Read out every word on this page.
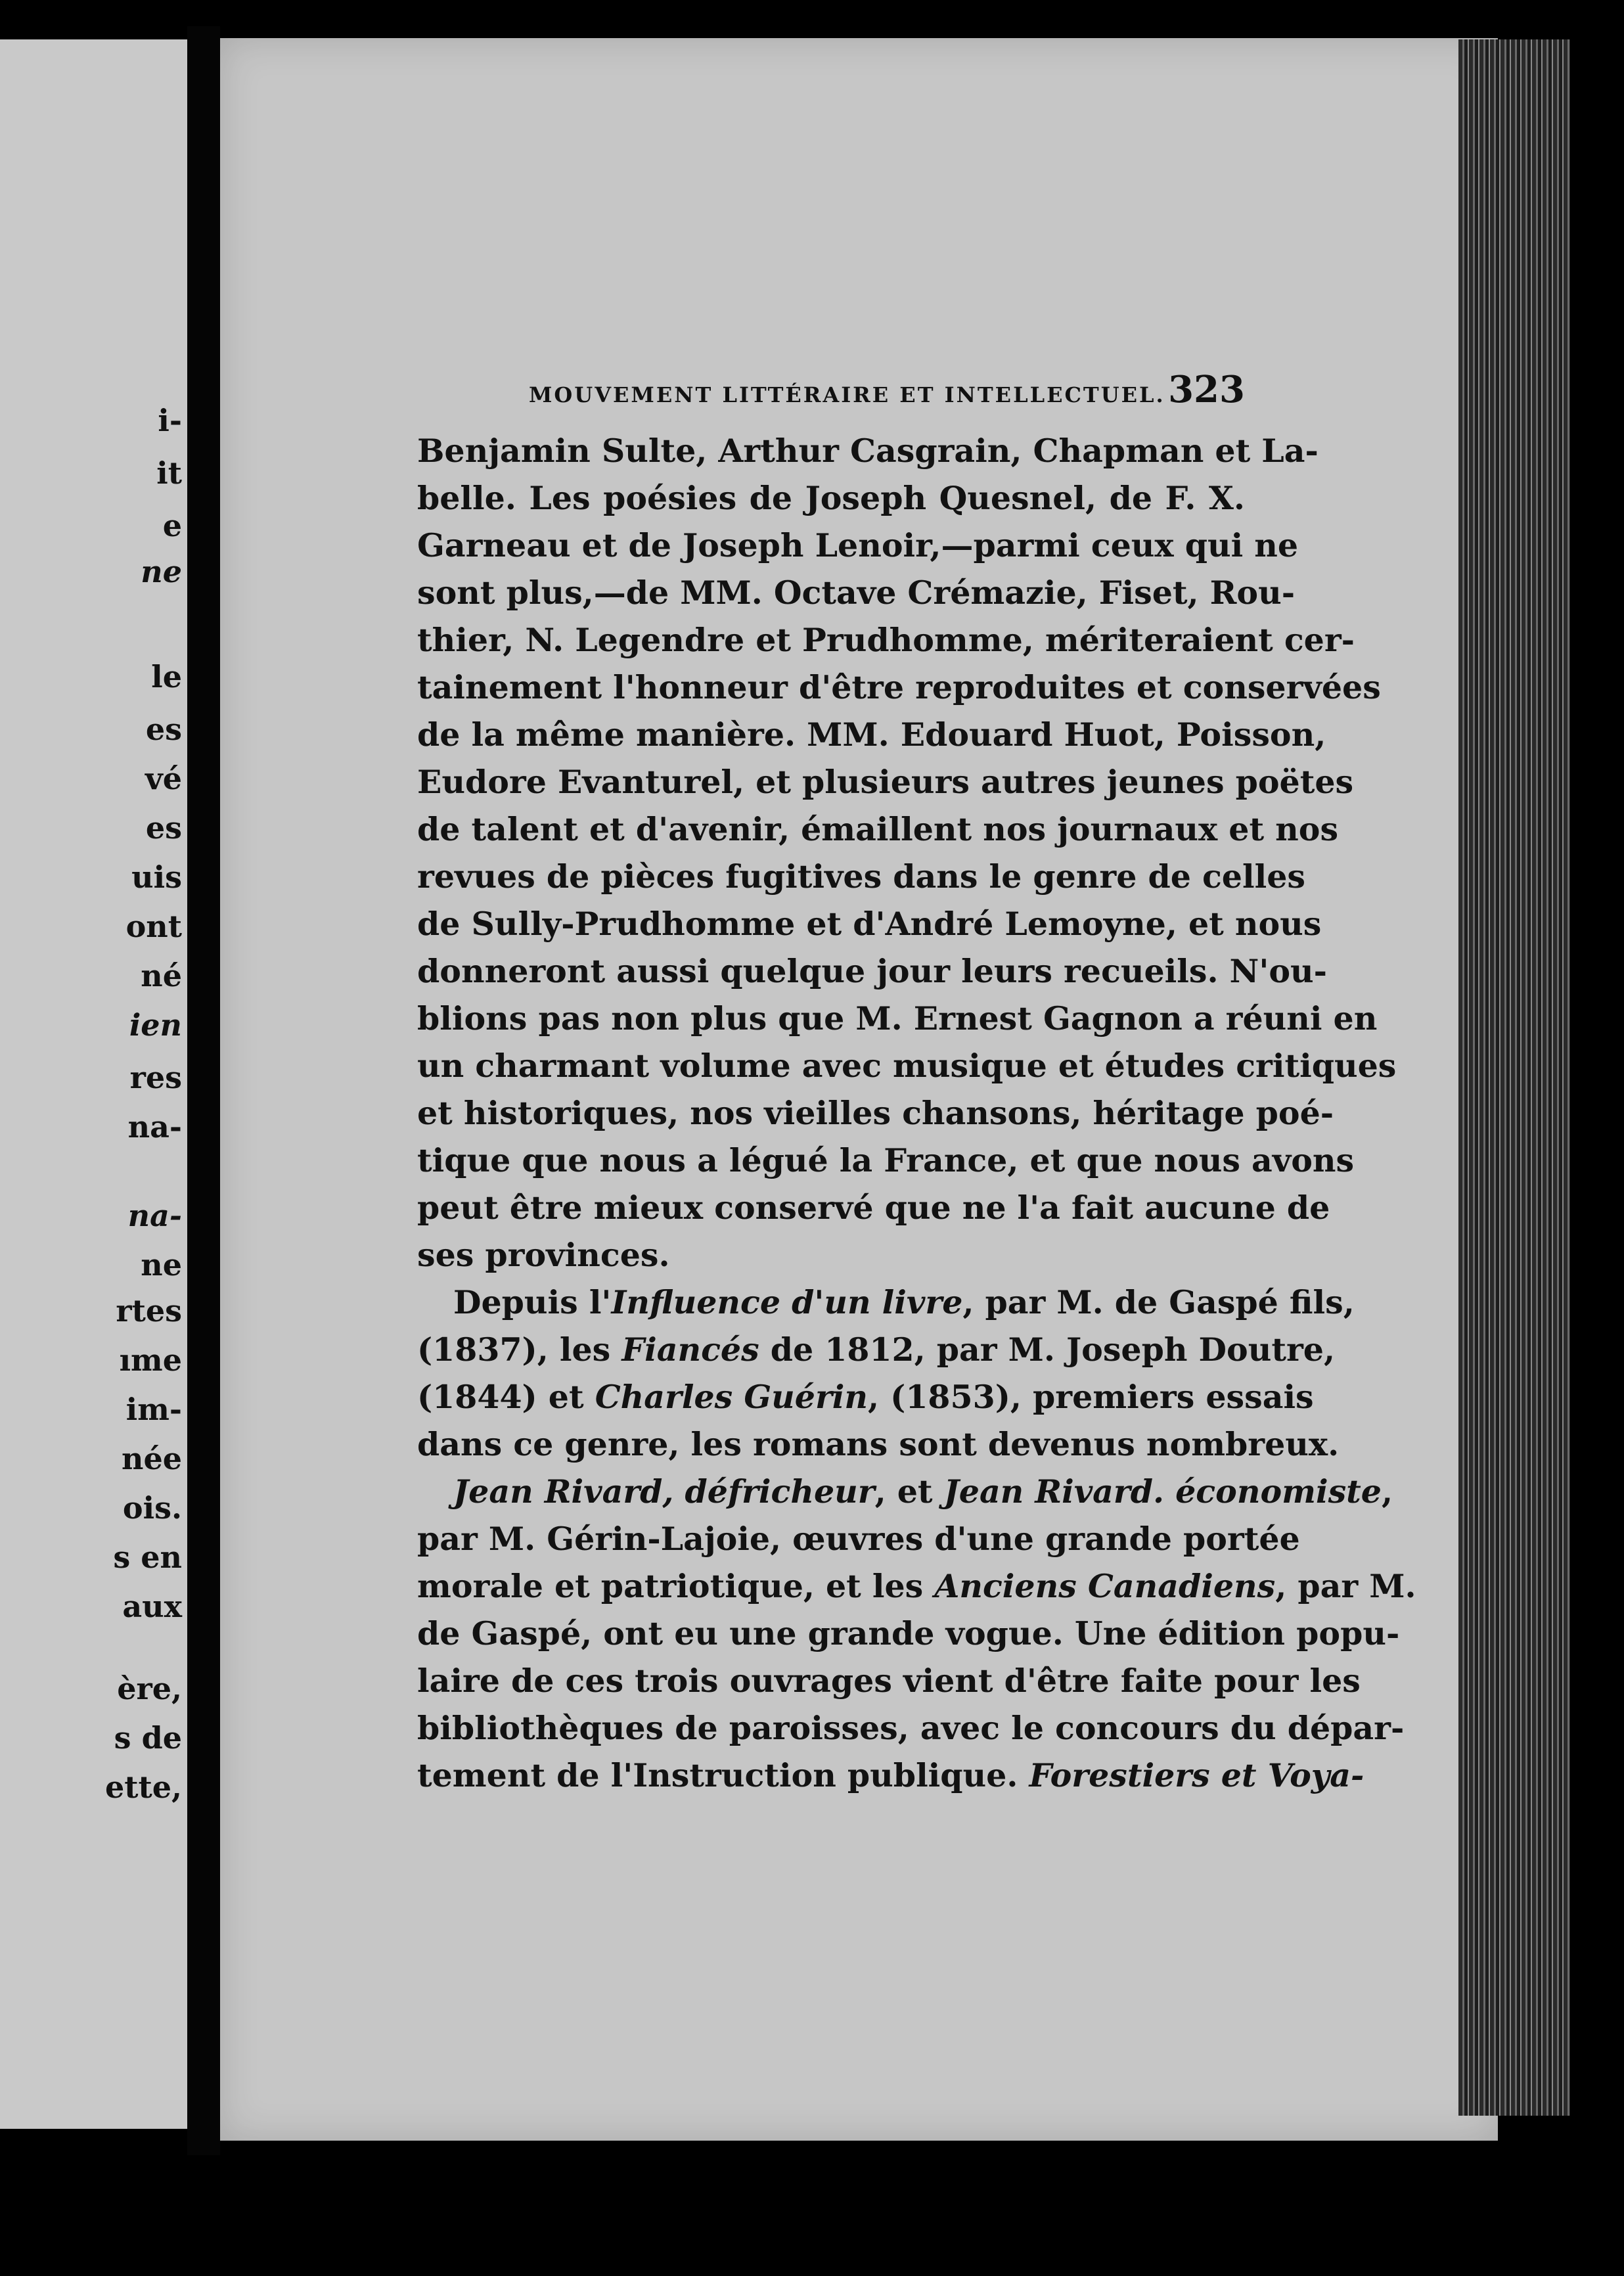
i-
it
e
ne
le
es
vé
es
uis
ont
né
ien
res
na-
na-
ne
rtes
ıme
im-
née
ois.
s en
aux
ère,
s de
ette,
MOUVEMENT LITTÉRAIRE ET INTELLECTUEL. 323
Benjamin Sulte, Arthur Casgrain, Chapman et La-
belle. Les poésies de Joseph Quesnel, de F. X.
Garneau et de Joseph Lenoir,—parmi ceux qui ne
sont plus,—de MM. Octave Crémazie, Fiset, Rou-
thier, N. Legendre et Prudhomme, mériteraient cer-
tainement l'honneur d'être reproduites et conservées
de la même manière. MM. Edouard Huot, Poisson,
Eudore Evanturel, et plusieurs autres jeunes poëtes
de talent et d'avenir, émaillent nos journaux et nos
revues de pièces fugitives dans le genre de celles
de Sully-Prudhomme et d'André Lemoyne, et nous
donneront aussi quelque jour leurs recueils. N'ou-
blions pas non plus que M. Ernest Gagnon a réuni en
un charmant volume avec musique et études critiques
et historiques, nos vieilles chansons, héritage poé-
tique que nous a légué la France, et que nous avons
peut être mieux conservé que ne l'a fait aucune de
ses provinces.
Depuis l'Influence d'un livre, par M. de Gaspé fils,
(1837), les Fiancés de 1812, par M. Joseph Doutre,
(1844) et Charles Guérin, (1853), premiers essais
dans ce genre, les romans sont devenus nombreux.
Jean Rivard, défricheur, et Jean Rivard. économiste,
par M. Gérin-Lajoie, œuvres d'une grande portée
morale et patriotique, et les Anciens Canadiens, par M.
de Gaspé, ont eu une grande vogue. Une édition popu-
laire de ces trois ouvrages vient d'être faite pour les
bibliothèques de paroisses, avec le concours du dépar-
tement de l'Instruction publique. Forestiers et Voya-
